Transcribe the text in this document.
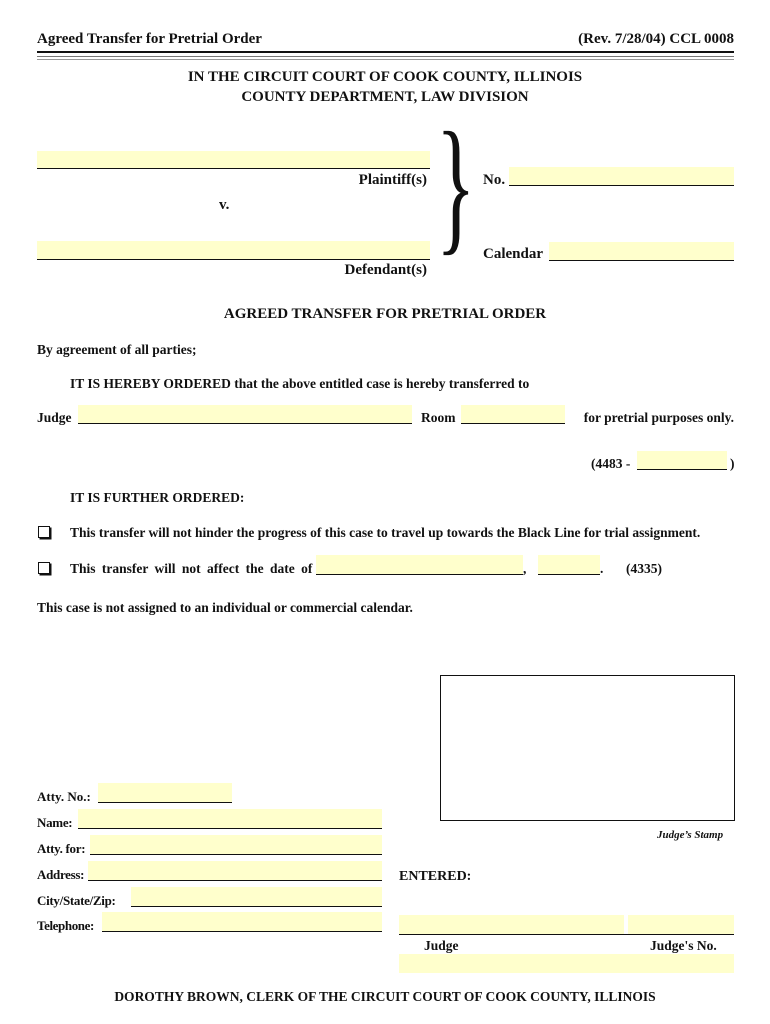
Agreed Transfer for Pretrial Order	(Rev. 7/28/04) CCL 0008
IN THE CIRCUIT COURT OF COOK COUNTY, ILLINOIS
COUNTY DEPARTMENT, LAW DIVISION
Plaintiff(s)
v.
Defendant(s)
} No.
Calendar
AGREED TRANSFER FOR PRETRIAL ORDER
By agreement of all parties;
IT IS HEREBY ORDERED that the above entitled case is hereby transferred to
Judge	Room	for pretrial purposes only.
(4483 -	)
IT IS FURTHER ORDERED:
This transfer will not hinder the progress of this case to travel up towards the Black Line for trial assignment.
This transfer will not affect the date of	,	. (4335)
This case is not assigned to an individual or commercial calendar.
Judge’s Stamp
Atty. No.:
Name:
Atty. for:
Address:
City/State/Zip:
Telephone:
ENTERED:
Judge	Judge's No.
DOROTHY BROWN, CLERK OF THE CIRCUIT COURT OF COOK COUNTY, ILLINOIS
